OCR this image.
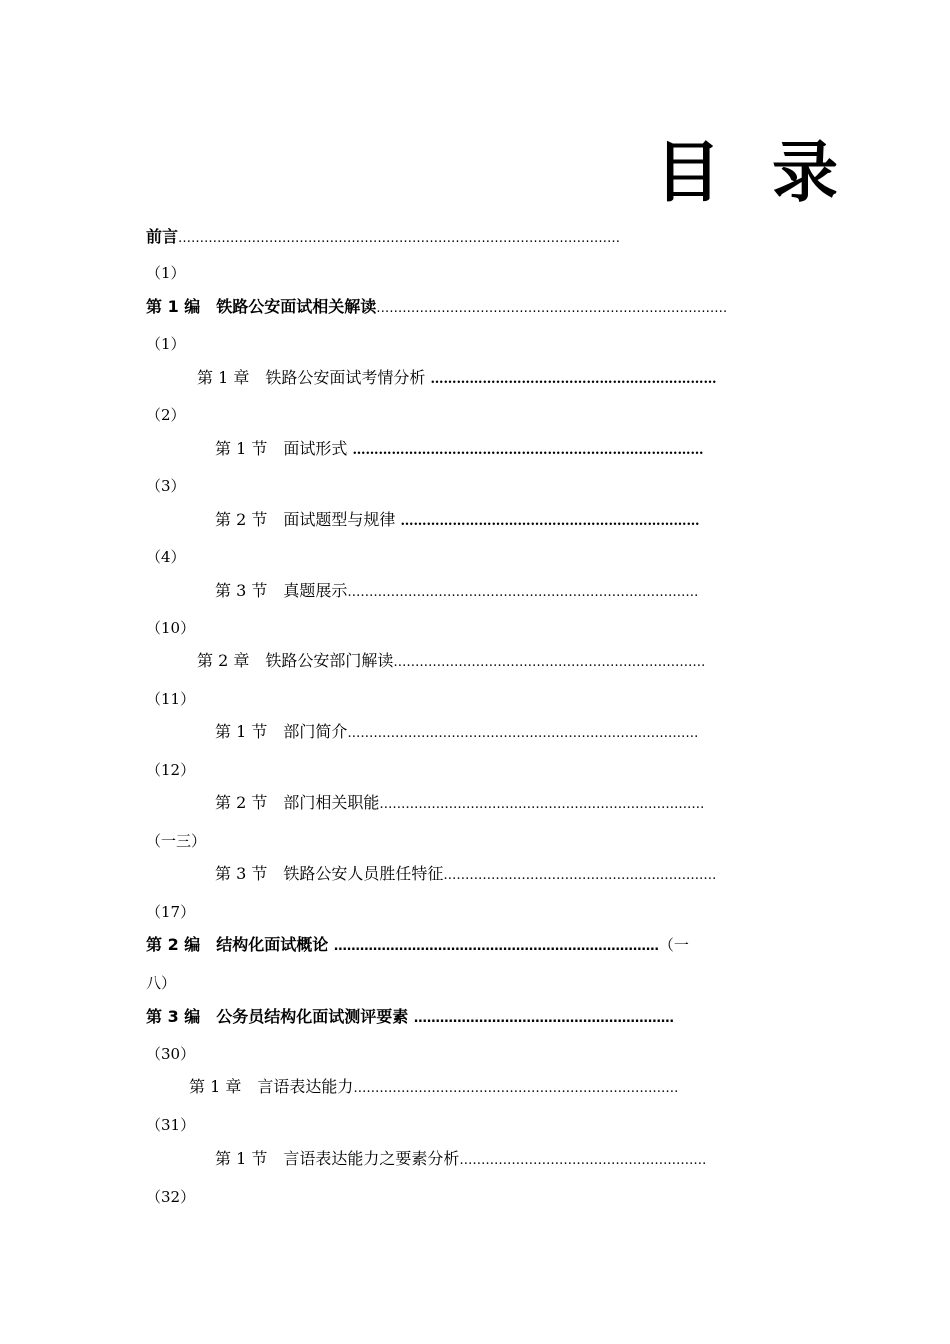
目 录
前言…………………………………………………………………………………………
（1）
第 1 编　铁路公安面试相关解读………………………………………………………………………
（1）
第 1 章　铁路公安面试考情分析 …………………………………………………………
（2）
第 1 节　面试形式 ………………………………………………………………………
（3）
第 2 节　面试题型与规律 ……………………………………………………………
（4）
第 3 节　真题展示………………………………………………………………………
（10）
第 2 章　铁路公安部门解读………………………………………………………………
（11）
第 1 节　部门简介………………………………………………………………………
（12）
第 2 节　部门相关职能…………………………………………………………………
（一三）
第 3 节　铁路公安人员胜任特征………………………………………………………
（17）
第 2 编　结构化面试概论 …………………………………………………………………（一
八）
第 3 编　公务员结构化面试测评要素 ……………………………………………………
（30）
第 1 章　言语表达能力…………………………………………………………………
（31）
第 1 节　言语表达能力之要素分析…………………………………………………
（32）
